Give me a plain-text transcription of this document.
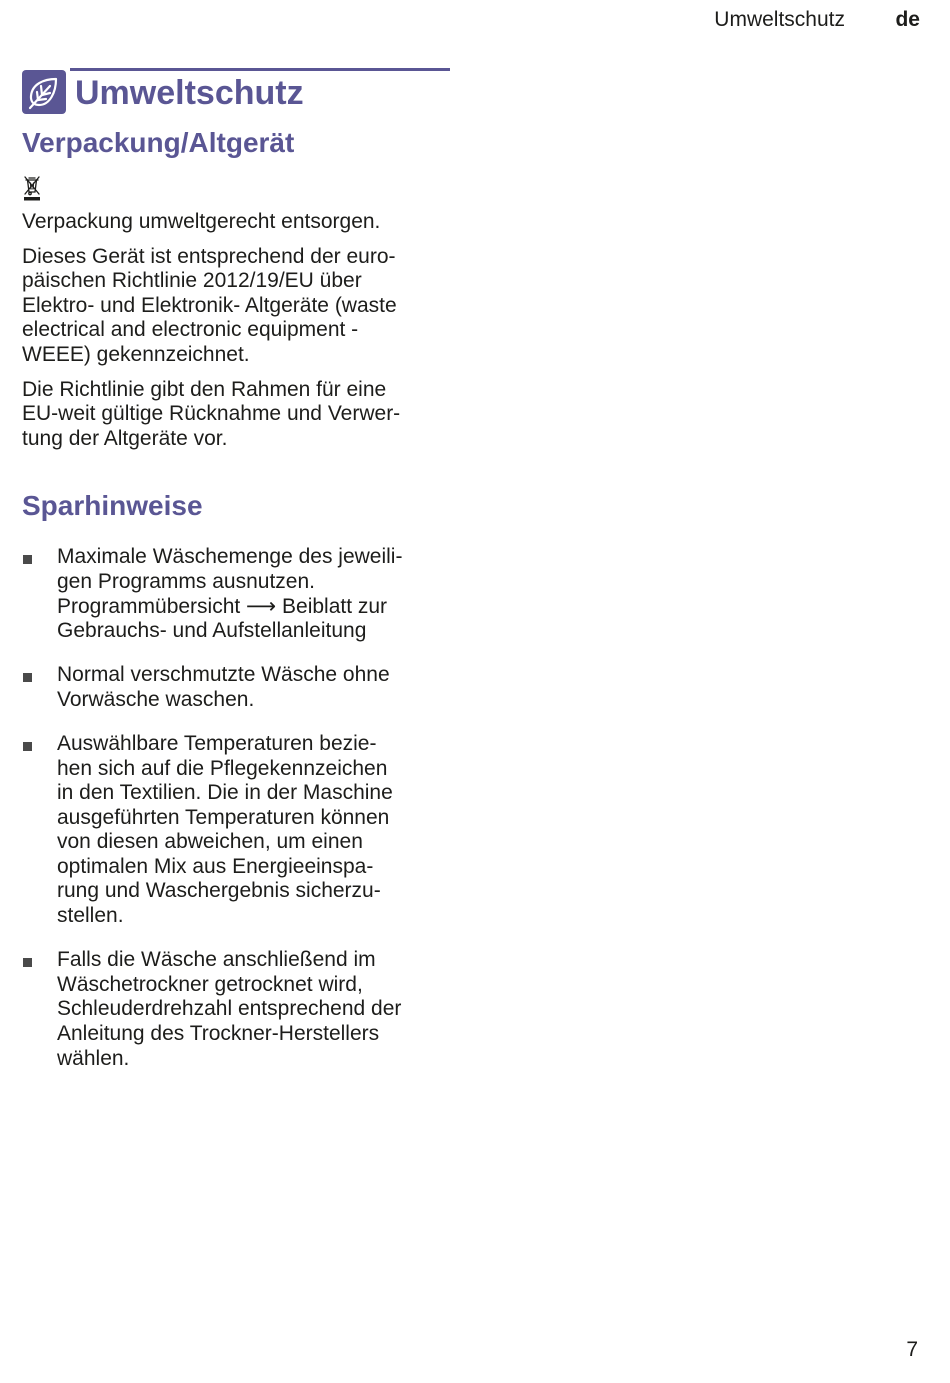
Umweltschutz de
Umweltschutz
Verpackung/Altgerät

Verpackung umweltgerecht entsorgen.

Dieses Gerät ist entsprechend der euro-
päischen Richtlinie 2012/19/EU über
Elektro- und Elektronik- Altgeräte (waste
electrical and electronic equipment -
WEEE) gekennzeichnet.

Die Richtlinie gibt den Rahmen für eine
EU-weit gültige Rücknahme und Verwer-
tung der Altgeräte vor.

Sparhinweise
Maximale Wäschemenge des jeweili-
gen Programms ausnutzen.
Programmübersicht ⟶ Beiblatt zur
Gebrauchs- und Aufstellanleitung
Normal verschmutzte Wäsche ohne
Vorwäsche waschen.
Auswählbare Temperaturen bezie-
hen sich auf die Pflegekennzeichen
in den Textilien. Die in der Maschine
ausgeführten Temperaturen können
von diesen abweichen, um einen
optimalen Mix aus Energieeinspa-
rung und Waschergebnis sicherzu-
stellen.
Falls die Wäsche anschließend im
Wäschetrockner getrocknet wird,
Schleuderdrehzahl entsprechend der
Anleitung des Trockner-Herstellers
wählen.
7
